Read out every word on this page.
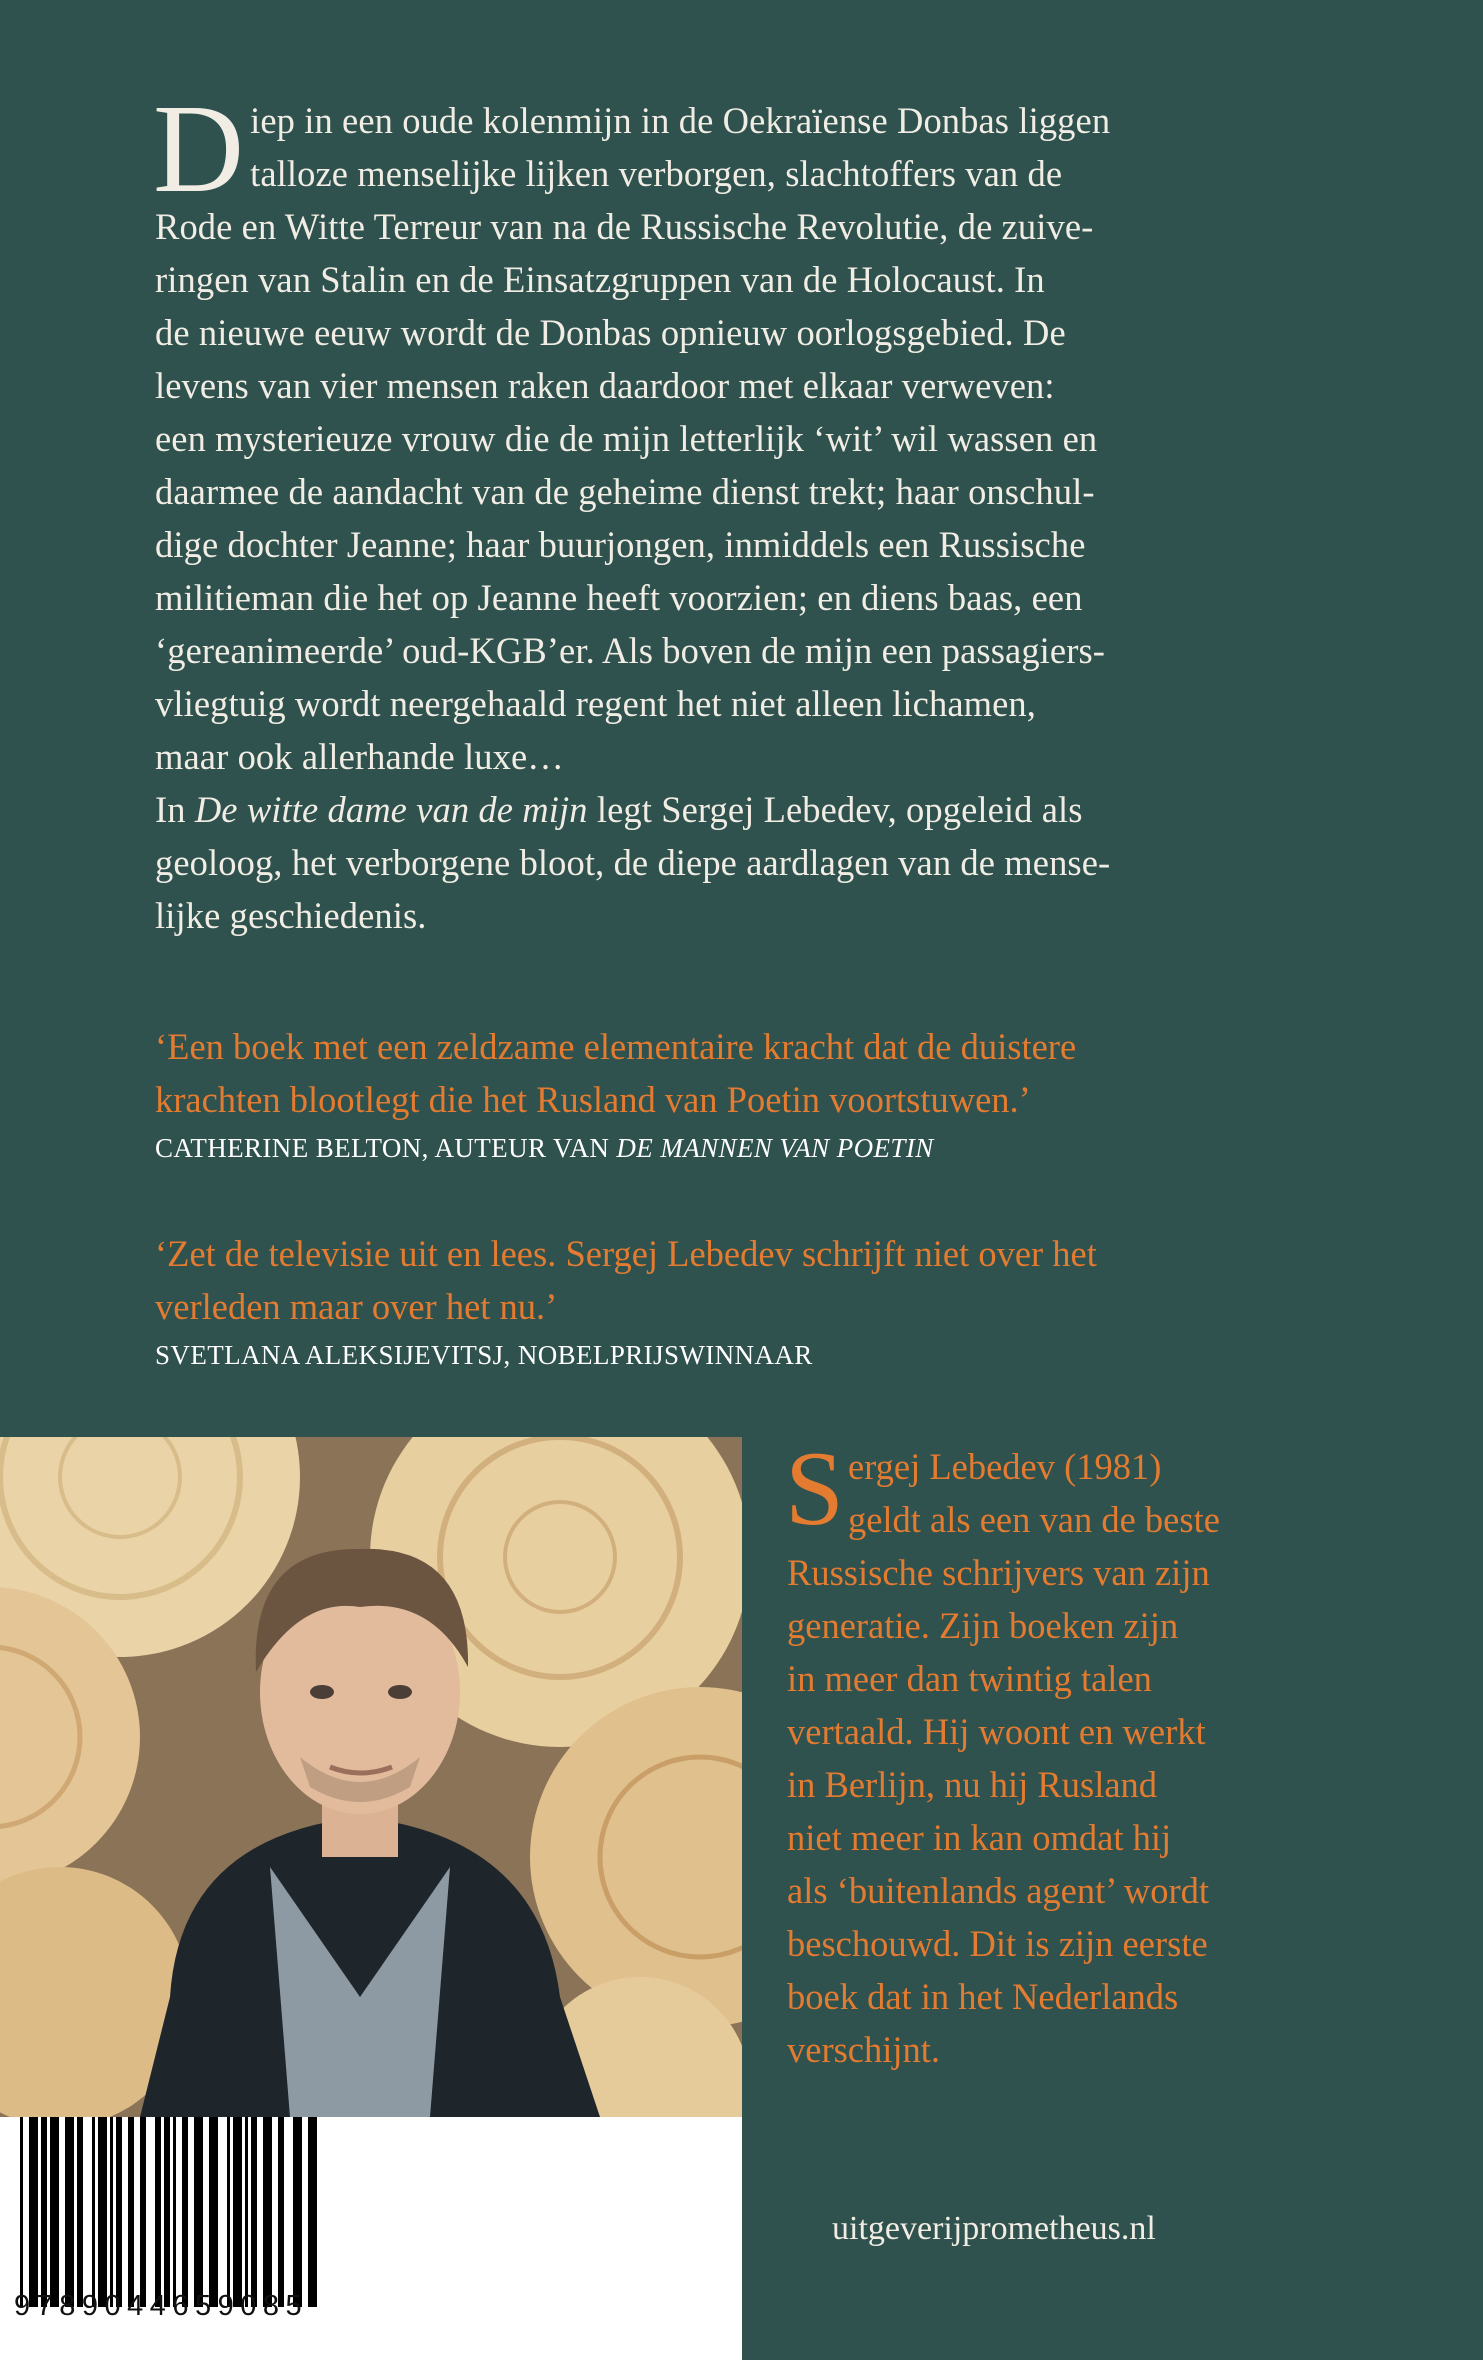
D iep in een oude kolenmijn in de Oekraïense Donbas liggen
talloze menselijke lijken verborgen, slachtoffers van de
Rode en Witte Terreur van na de Russische Revolutie, de zuive-
ringen van Stalin en de Einsatzgruppen van de Holocaust. In
de nieuwe eeuw wordt de Donbas opnieuw oorlogsgebied. De
levens van vier mensen raken daardoor met elkaar verweven:
een mysterieuze vrouw die de mijn letterlijk ‘wit’ wil wassen en
daarmee de aandacht van de geheime dienst trekt; haar onschul-
dige dochter Jeanne; haar buurjongen, inmiddels een Russische
militieman die het op Jeanne heeft voorzien; en diens baas, een
‘gereanimeerde’ oud-KGB’er. Als boven de mijn een passagiers-
vliegtuig wordt neergehaald regent het niet alleen lichamen,
maar ook allerhande luxe…

In De witte dame van de mijn legt Sergej Lebedev, opgeleid als
geoloog, het verborgene bloot, de diepe aardlagen van de mense-
lijke geschiedenis.

‘Een boek met een zeldzame elementaire kracht dat de duistere
krachten blootlegt die het Rusland van Poetin voortstuwen.’
CATHERINE BELTON, AUTEUR VAN DE MANNEN VAN POETIN
‘Zet de televisie uit en lees. Sergej Lebedev schrijft niet over het
verleden maar over het nu.’
SVETLANA ALEKSIJEVITSJ, NOBELPRIJSWINNAAR
S ergej Lebedev (1981)
geldt als een van de beste
Russische schrijvers van zijn
generatie. Zijn boeken zijn
in meer dan twintig talen
vertaald. Hij woont en werkt
in Berlijn, nu hij Rusland
niet meer in kan omdat hij
als ‘buitenlands agent’ wordt
beschouwd. Dit is zijn eerste
boek dat in het Nederlands
verschijnt.
9789044659085
uitgeverijprometheus.nl
